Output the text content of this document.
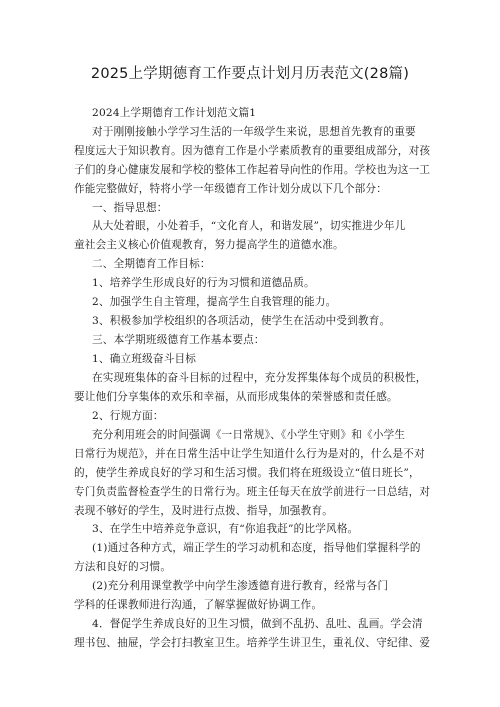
2025上学期德育工作要点计划月历表范文(28篇)
2024上学期德育工作计划范文篇1
对于刚刚接触小学学习生活的一年级学生来说，思想首先教育的重要
程度远大于知识教育。因为德育工作是小学素质教育的重要组成部分，对孩
子们的身心健康发展和学校的整体工作起着导向性的作用。学校也为这一工
作能完整做好，特将小学一年级德育工作计划分成以下几个部分：
一、指导思想：
从大处着眼，小处着手，“文化育人，和谐发展”，切实推进少年儿
童社会主义核心价值观教育，努力提高学生的道德水准。
二、全期德育工作目标：
1、培养学生形成良好的行为习惯和道德品质。
2、加强学生自主管理，提高学生自我管理的能力。
3、积极参加学校组织的各项活动，使学生在活动中受到教育。
三、本学期班级德育工作基本要点：
1、确立班级奋斗目标
在实现班集体的奋斗目标的过程中，充分发挥集体每个成员的积极性，
要让他们分享集体的欢乐和幸福，从而形成集体的荣誉感和责任感。
2、行规方面：
充分利用班会的时间强调《一日常规》、《小学生守则》和《小学生
日常行为规范》，并在日常生活中让学生知道什么行为是对的，什么是不对
的，使学生养成良好的学习和生活习惯。我们将在班级设立“值日班长”，
专门负责监督检查学生的日常行为。班主任每天在放学前进行一日总结，对
表现不够好的学生，及时进行点拨、指导，加强教育。
3、在学生中培养竞争意识，有“你追我赶”的比学风格。
(1)通过各种方式，端正学生的学习动机和态度，指导他们掌握科学的
方法和良好的习惯。
(2)充分利用课堂教学中向学生渗透德育进行教育，经常与各门
学科的任课教师进行沟通，了解掌握做好协调工作。
4．督促学生养成良好的卫生习惯，做到不乱扔、乱吐、乱画。学会清
理书包、抽屉，学会打扫教室卫生。培养学生讲卫生，重礼仪、守纪律、爱
